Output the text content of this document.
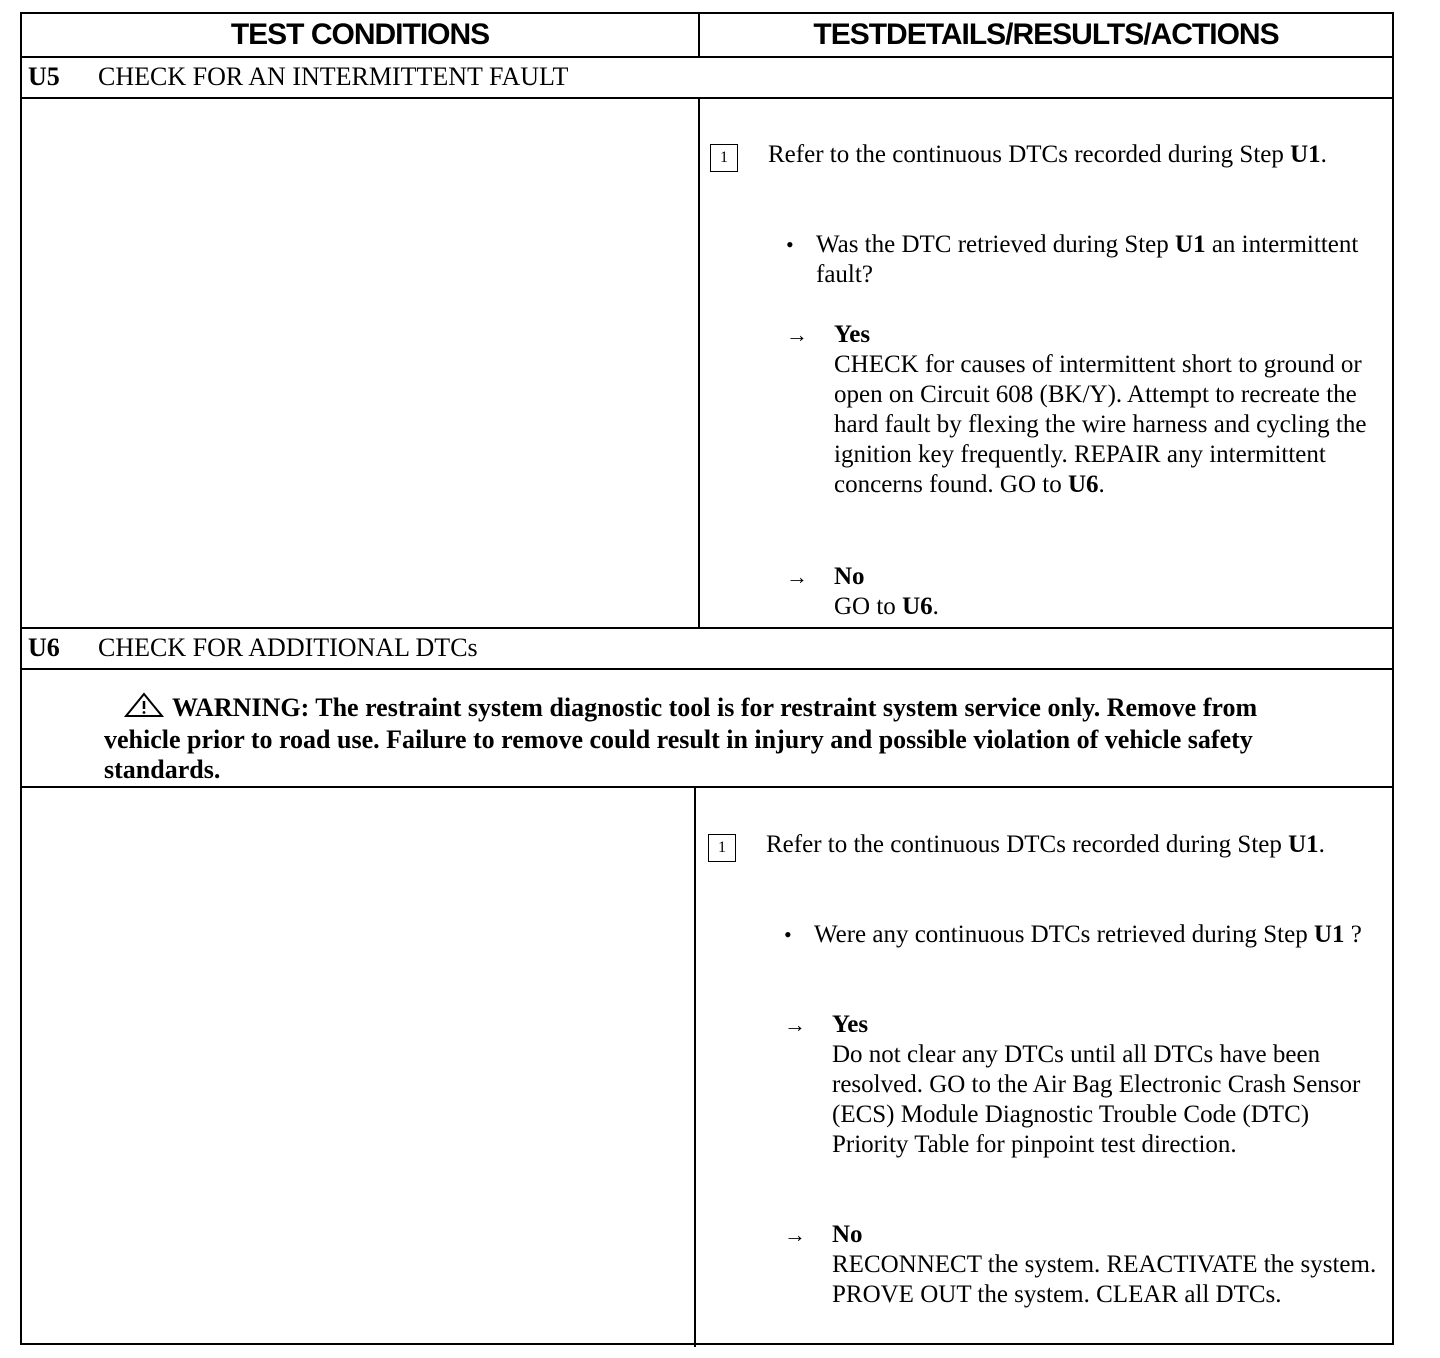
TEST CONDITIONS	TESTDETAILS/RESULTS/ACTIONS
U5	CHECK FOR AN INTERMITTENT FAULT
1	Refer to the continuous DTCs recorded during Step U1.
• Was the DTC retrieved during Step U1 an intermittent fault?
→ Yes
CHECK for causes of intermittent short to ground or open on Circuit 608 (BK/Y). Attempt to recreate the hard fault by flexing the wire harness and cycling the ignition key frequently. REPAIR any intermittent concerns found. GO to U6.
→ No
GO to U6.
U6	CHECK FOR ADDITIONAL DTCs
WARNING: The restraint system diagnostic tool is for restraint system service only. Remove from vehicle prior to road use. Failure to remove could result in injury and possible violation of vehicle safety standards.
1	Refer to the continuous DTCs recorded during Step U1.
• Were any continuous DTCs retrieved during Step U1 ?
→ Yes
Do not clear any DTCs until all DTCs have been resolved. GO to the Air Bag Electronic Crash Sensor (ECS) Module Diagnostic Trouble Code (DTC) Priority Table for pinpoint test direction.
→ No
RECONNECT the system. REACTIVATE the system. PROVE OUT the system. CLEAR all DTCs.
